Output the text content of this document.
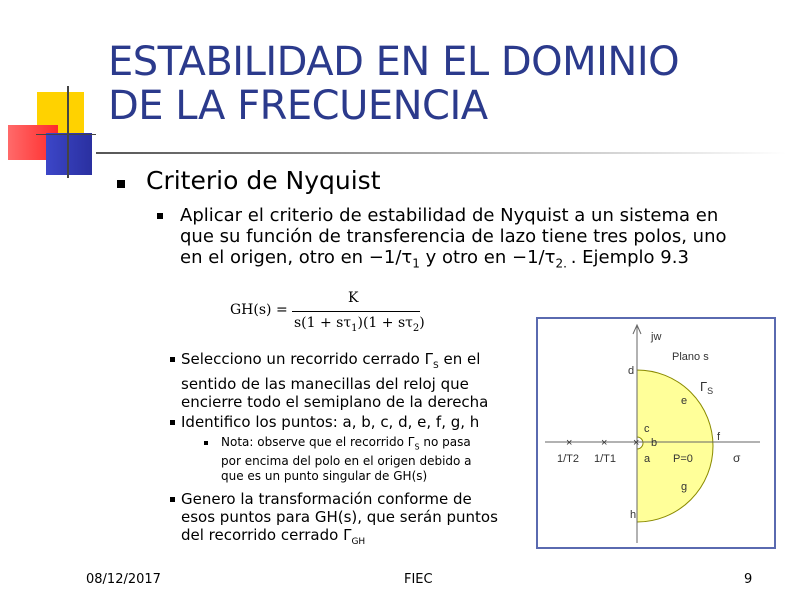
ESTABILIDAD EN EL DOMINIO
DE LA FRECUENCIA
Criterio de Nyquist
Aplicar el criterio de estabilidad de Nyquist a un sistema en
que su función de transferencia de lazo tiene tres polos, uno
en el origen, otro en $-1/\tau_1$ y otro en $-1/\tau_{2.}$ . Ejemplo 9.3
GH(s) =
K
$s(1 + s\tau_1)(1 + s\tau_2)$
Selecciono un recorrido cerrado $\Gamma_S$ en el
sentido de las manecillas del reloj que
encierre todo el semiplano de la derecha
Identifico los puntos: a, b, c, d, e, f, g, h
Nota: observe que el recorrido $\Gamma_S$ no pasa
por encima del polo en el origen debido a
que es un punto singular de GH(s)
Genero la transformación conforme de
esos puntos para GH(s), que serán puntos
del recorrido cerrado $\Gamma_{GH}$
1/T2 1/T1
×	× ×
jw
Plano s
$\Gamma_S$
d
e
c
b
a
f
g
h
P=0	σ
08/12/2017	FIEC	9
